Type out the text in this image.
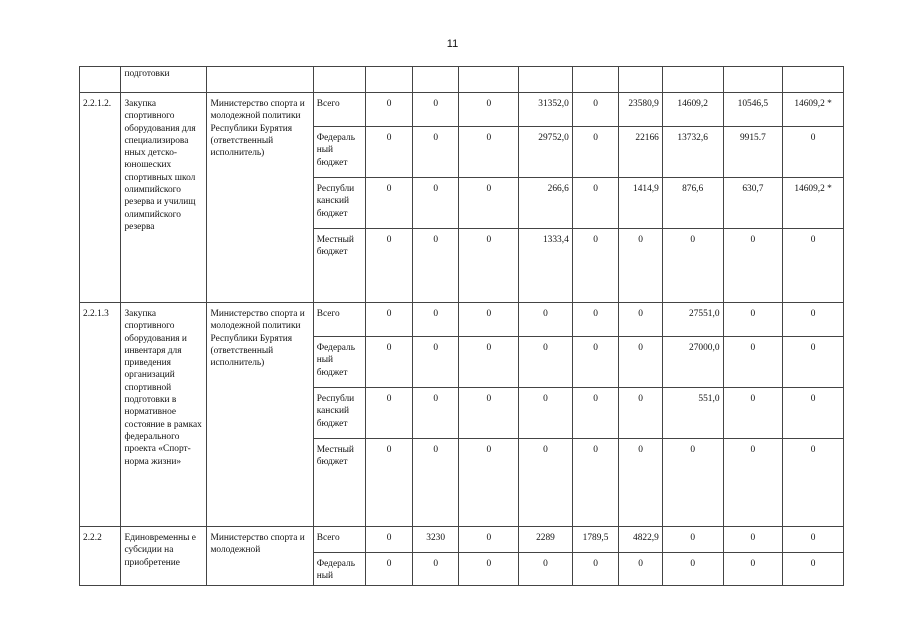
11
	подготовки											
2.2.1.2.	Закупка спортивного оборудования для специализирова нных детско-юношеских спортивных школ олимпийского резерва и училищ олимпийского резерва	Министерство спорта и молодежной политики Республики Бурятия (ответственный исполнитель)	Всего	0	0	0	31352,0	0	23580,9	14609,2	10546,5	14609,2 *
			Федераль ный бюджет	0	0	0	29752,0	0	22166	13732,6	9915.7	0
			Республи канский бюджет	0	0	0	266,6	0	1414,9	876,6	630,7	14609,2 *
			Местный бюджет	0	0	0	1333,4	0	0	0	0	0
2.2.1.3	Закупка спортивного оборудования и инвентаря для приведения организаций спортивной подготовки в нормативное состояние в рамках федерального проекта «Спорт- норма жизни»	Министерство спорта и молодежной политики Республики Бурятия (ответственный исполнитель)	Всего	0	0	0	0	0	0	27551,0	0	0
			Федераль ный бюджет	0	0	0	0	0	0	27000,0	0	0
			Республи канский бюджет	0	0	0	0	0	0	551,0	0	0
			Местный бюджет	0	0	0	0	0	0	0	0	0
2.2.2	Единовременны е субсидии на приобретение	Министерство спорта и молодежной	Всего	0	3230	0	2289	1789,5	4822,9	0	0	0
			Федераль ный	0	0	0	0	0	0	0	0	0
